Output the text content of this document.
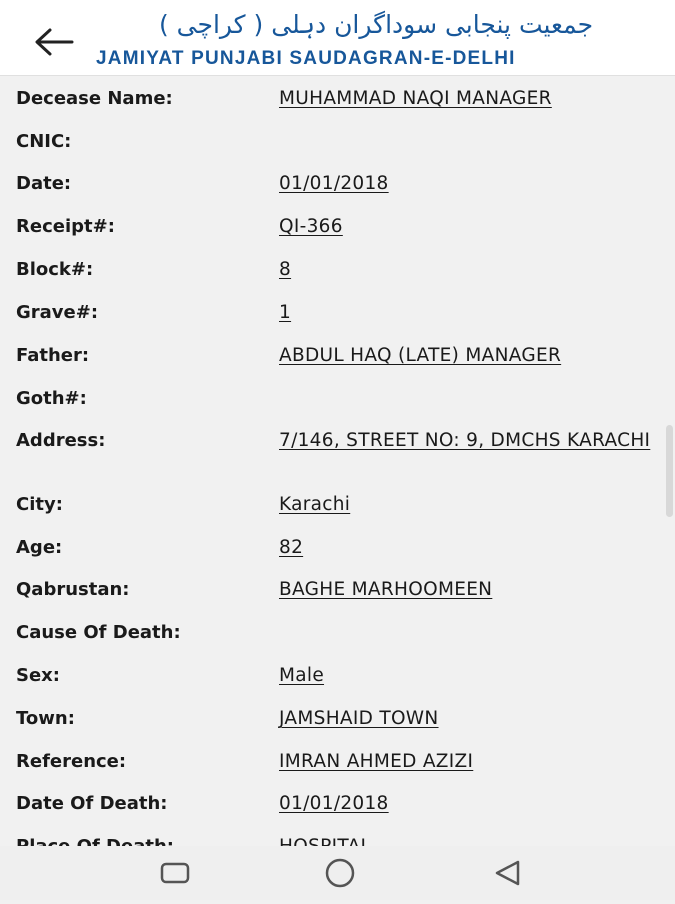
جمعیت پنجابی سوداگران دہلی ( کراچی )
JAMIYAT PUNJABI SAUDAGRAN-E-DELHI
Decease Name:	MUHAMMAD NAQI MANAGER
CNIC:
Date:	01/01/2018
Receipt#:	QI-366
Block#:	8
Grave#:	1
Father:	ABDUL HAQ (LATE) MANAGER
Goth#:
Address:	7/146, STREET NO: 9, DMCHS KARACHI
City:	Karachi
Age:	82
Qabrustan:	BAGHE MARHOOMEEN
Cause Of Death:
Sex:	Male
Town:	JAMSHAID TOWN
Reference:	IMRAN AHMED AZIZI
Date Of Death:	01/01/2018
